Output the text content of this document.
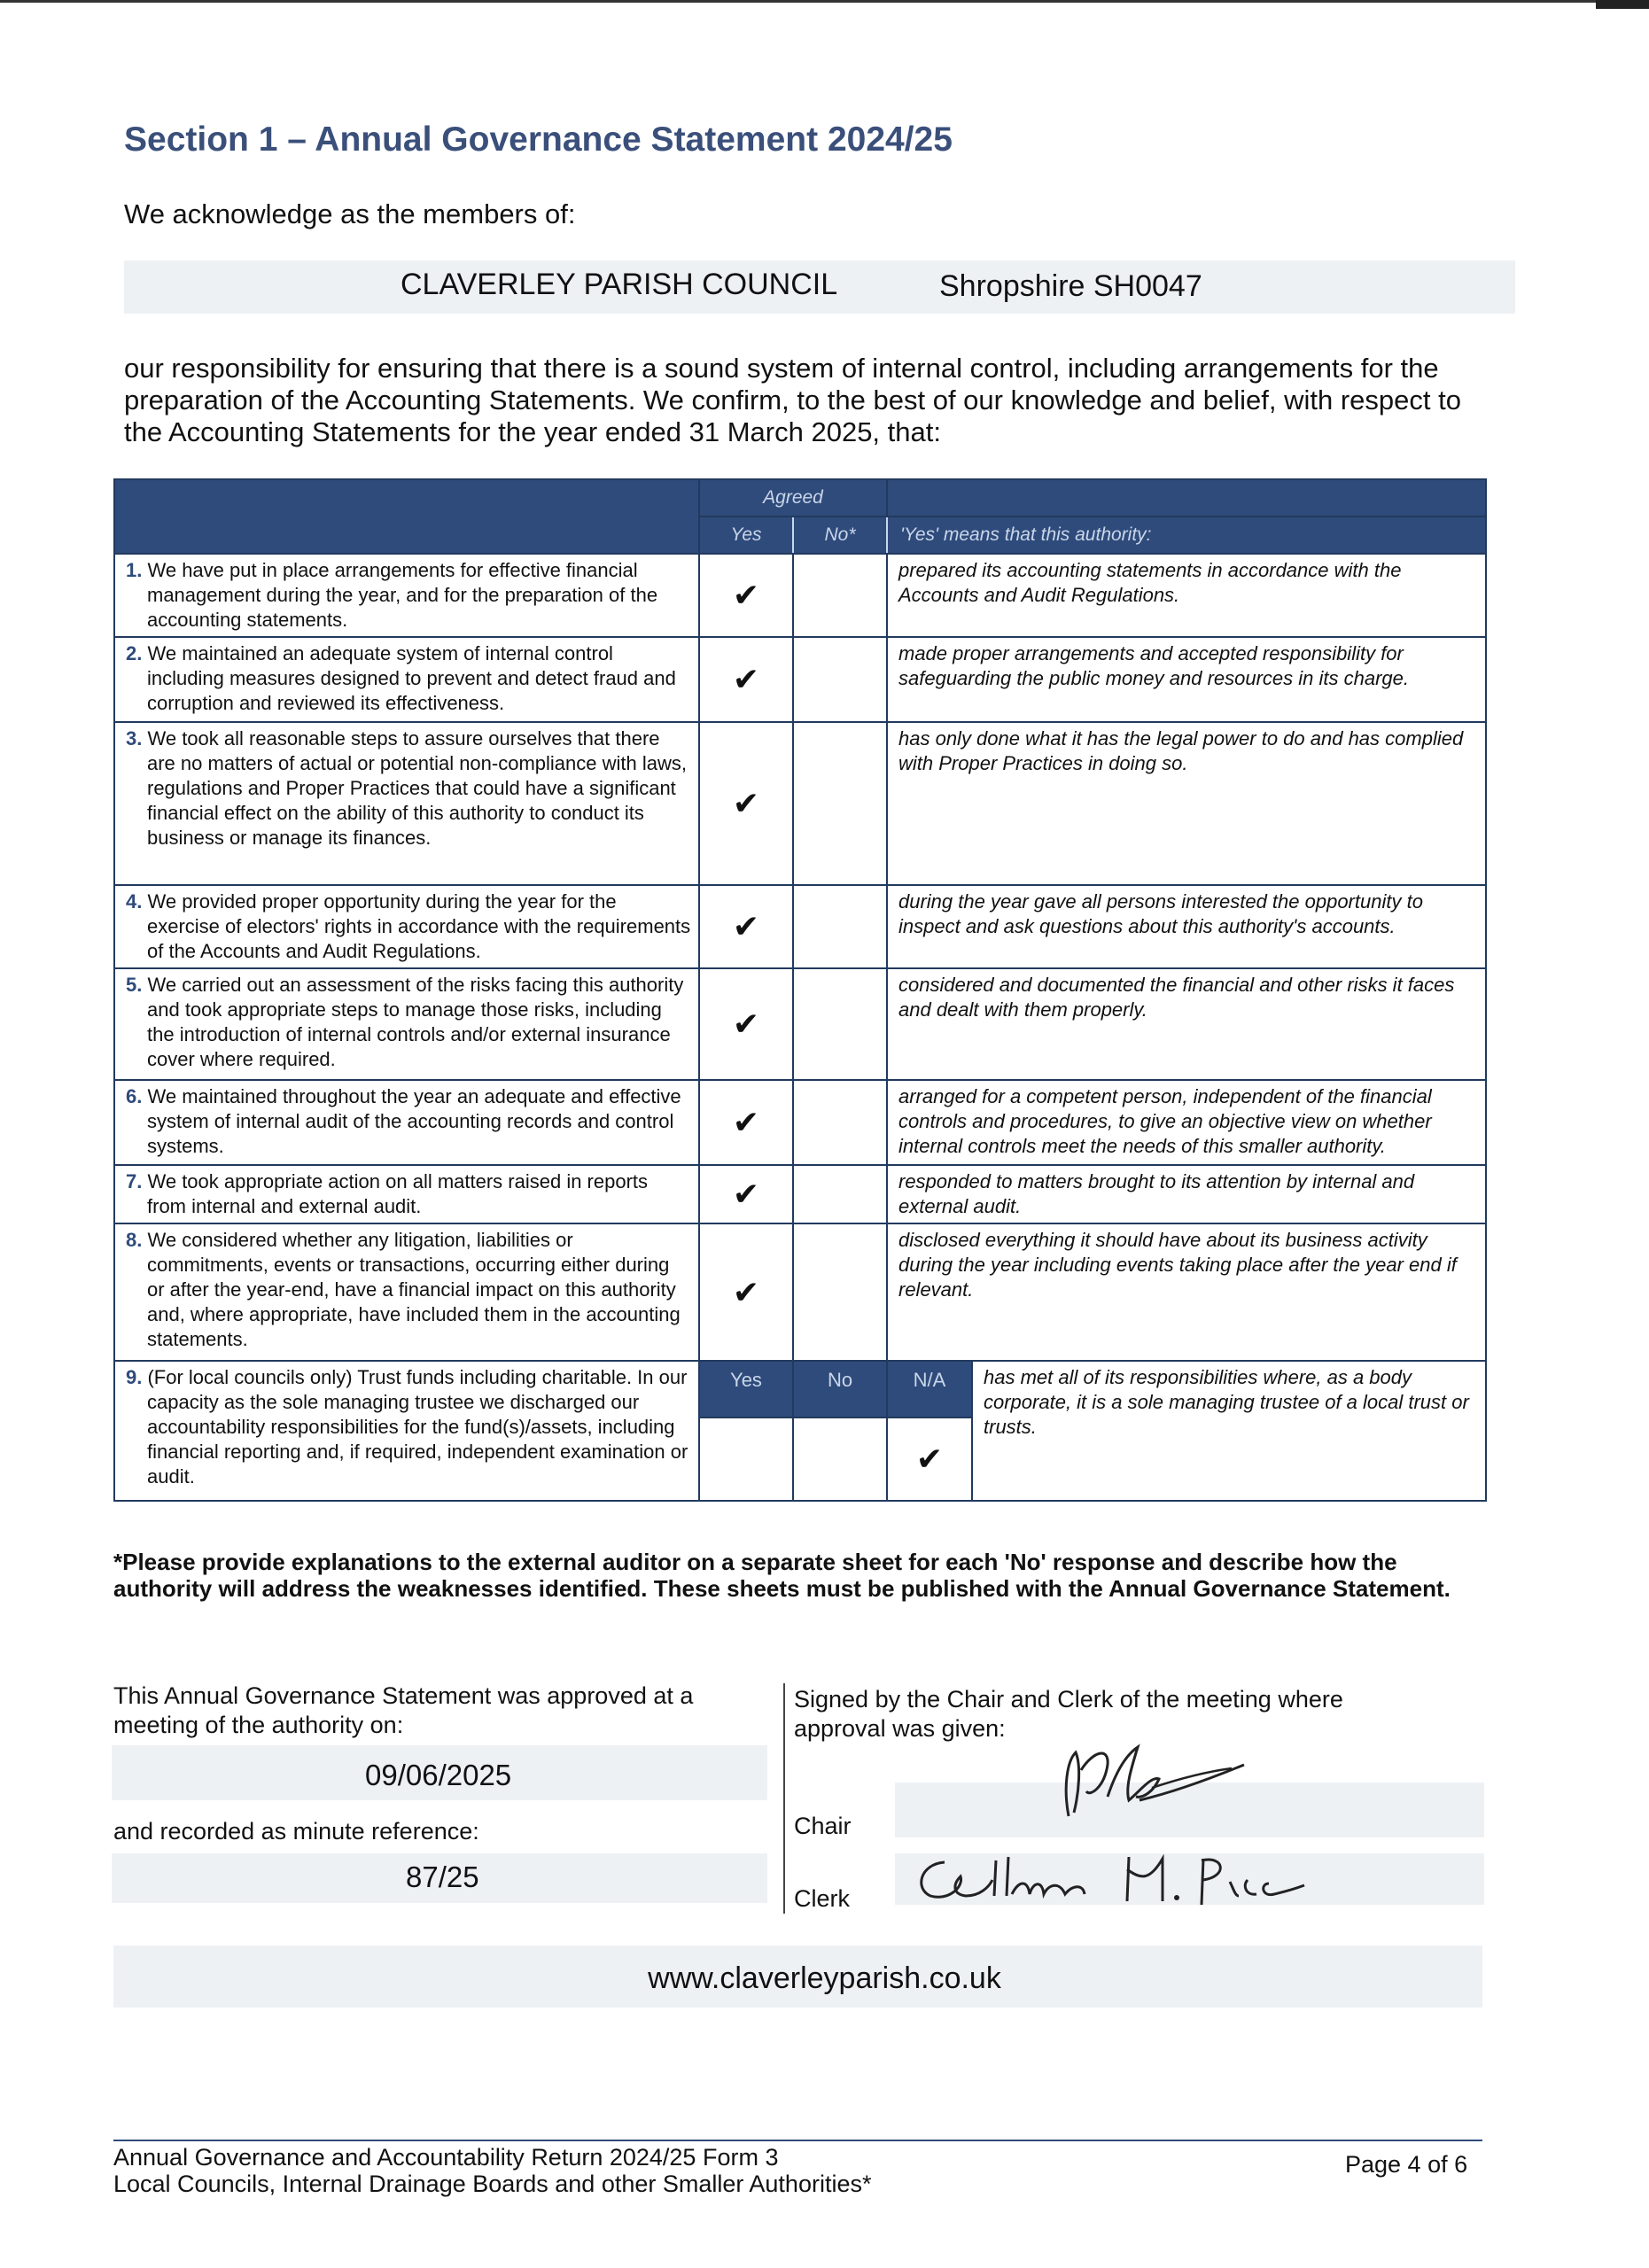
Section 1 – Annual Governance Statement 2024/25
We acknowledge as the members of:
CLAVERLEY PARISH COUNCIL	Shropshire SH0047
our responsibility for ensuring that there is a sound system of internal control, including arrangements for the preparation of the Accounting Statements. We confirm, to the best of our knowledge and belief, with respect to the Accounting Statements for the year ended 31 March 2025, that:
	Agreed			
	Yes	No*	'Yes' means that this authority:	

1. We have put in place arrangements for effective financial management during the year, and for the preparation of the accounting statements.	✔		prepared its accounting statements in accordance with the Accounts and Audit Regulations.	

2. We maintained an adequate system of internal control including measures designed to prevent and detect fraud and corruption and reviewed its effectiveness.	✔		made proper arrangements and accepted responsibility for safeguarding the public money and resources in its charge.	

3. We took all reasonable steps to assure ourselves that there are no matters of actual or potential non-compliance with laws, regulations and Proper Practices that could have a significant financial effect on the ability of this authority to conduct its business or manage its finances.	✔		has only done what it has the legal power to do and has complied with Proper Practices in doing so.	

4. We provided proper opportunity during the year for the exercise of electors' rights in accordance with the requirements of the Accounts and Audit Regulations.	✔		during the year gave all persons interested the opportunity to inspect and ask questions about this authority's accounts.	

5. We carried out an assessment of the risks facing this authority and took appropriate steps to manage those risks, including the introduction of internal controls and/or external insurance cover where required.	✔		considered and documented the financial and other risks it faces and dealt with them properly.	

6. We maintained throughout the year an adequate and effective system of internal audit of the accounting records and control systems.	✔		arranged for a competent person, independent of the financial controls and procedures, to give an objective view on whether internal controls meet the needs of this smaller authority.	

7. We took appropriate action on all matters raised in reports from internal and external audit.	✔		responded to matters brought to its attention by internal and external audit.	

8. We considered whether any litigation, liabilities or commitments, events or transactions, occurring either during or after the year-end, have a financial impact on this authority and, where appropriate, have included them in the accounting statements.	✔		disclosed everything it should have about its business activity during the year including events taking place after the year end if relevant.	

9. (For local councils only) Trust funds including charitable. In our capacity as the sole managing trustee we discharged our accountability responsibilities for the fund(s)/assets, including financial reporting and, if required, independent examination or audit.	Yes	No	N/A	has met all of its responsibilities where, as a body corporate, it is a sole managing trustee of a local trust or trusts.
			✔	
*Please provide explanations to the external auditor on a separate sheet for each 'No' response and describe how the authority will address the weaknesses identified. These sheets must be published with the Annual Governance Statement.
This Annual Governance Statement was approved at a meeting of the authority on:
09/06/2025
and recorded as minute reference:
87/25
Signed by the Chair and Clerk of the meeting where approval was given:
Chair
Clerk
www.claverleyparish.co.uk
Annual Governance and Accountability Return 2024/25 Form 3
Local Councils, Internal Drainage Boards and other Smaller Authorities*
Page 4 of 6
